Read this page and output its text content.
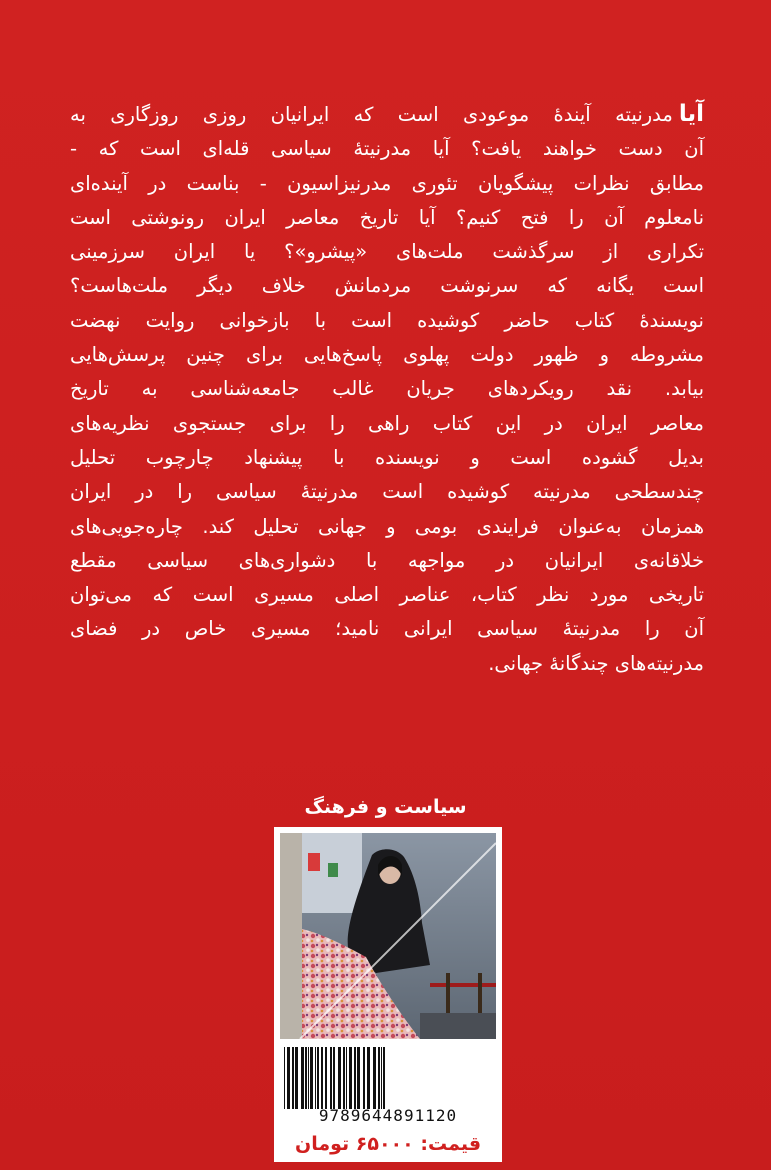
آیامدرنیته آیندهٔ موعودی است که ایرانیان روزی روزگاری به
آن دست خواهند یافت؟ آیا مدرنیتهٔ سیاسی قله‌ای است که -
مطابق نظرات پیشگویان تئوری مدرنیزاسیون - بناست در آینده‌ای
نامعلوم آن را فتح کنیم؟ آیا تاریخ معاصر ایران رونوشتی است
تکراری از سرگذشت ملت‌های «پیشرو»؟ یا ایران سرزمینی
است یگانه که سرنوشت مردمانش خلاف دیگر ملت‌هاست؟
نویسندهٔ کتاب حاضر کوشیده است با بازخوانی روایت نهضت
مشروطه و ظهور دولت پهلوی پاسخ‌هایی برای چنین پرسش‌هایی
بیابد. نقد رویکردهای جریان غالب جامعه‌شناسی به تاریخ
معاصر ایران در این کتاب راهی را برای جستجوی نظریه‌های
بدیل گشوده است و نویسنده با پیشنهاد چارچوب تحلیل
چندسطحی مدرنیته کوشیده است مدرنیتهٔ سیاسی را در ایران
همزمان به‌عنوان فرایندی بومی و جهانی تحلیل کند. چاره‌جویی‌های
خلاقانه‌ی ایرانیان در مواجهه با دشواری‌های سیاسی مقطع
تاریخی مورد نظر کتاب، عناصر اصلی مسیری است که می‌توان
آن را مدرنیتهٔ سیاسی ایرانی نامید؛ مسیری خاص در فضای
مدرنیته‌های چندگانهٔ جهانی.
سیاست و فرهنگ
9789644891120
قیمت: ۶۵۰۰۰ تومان
